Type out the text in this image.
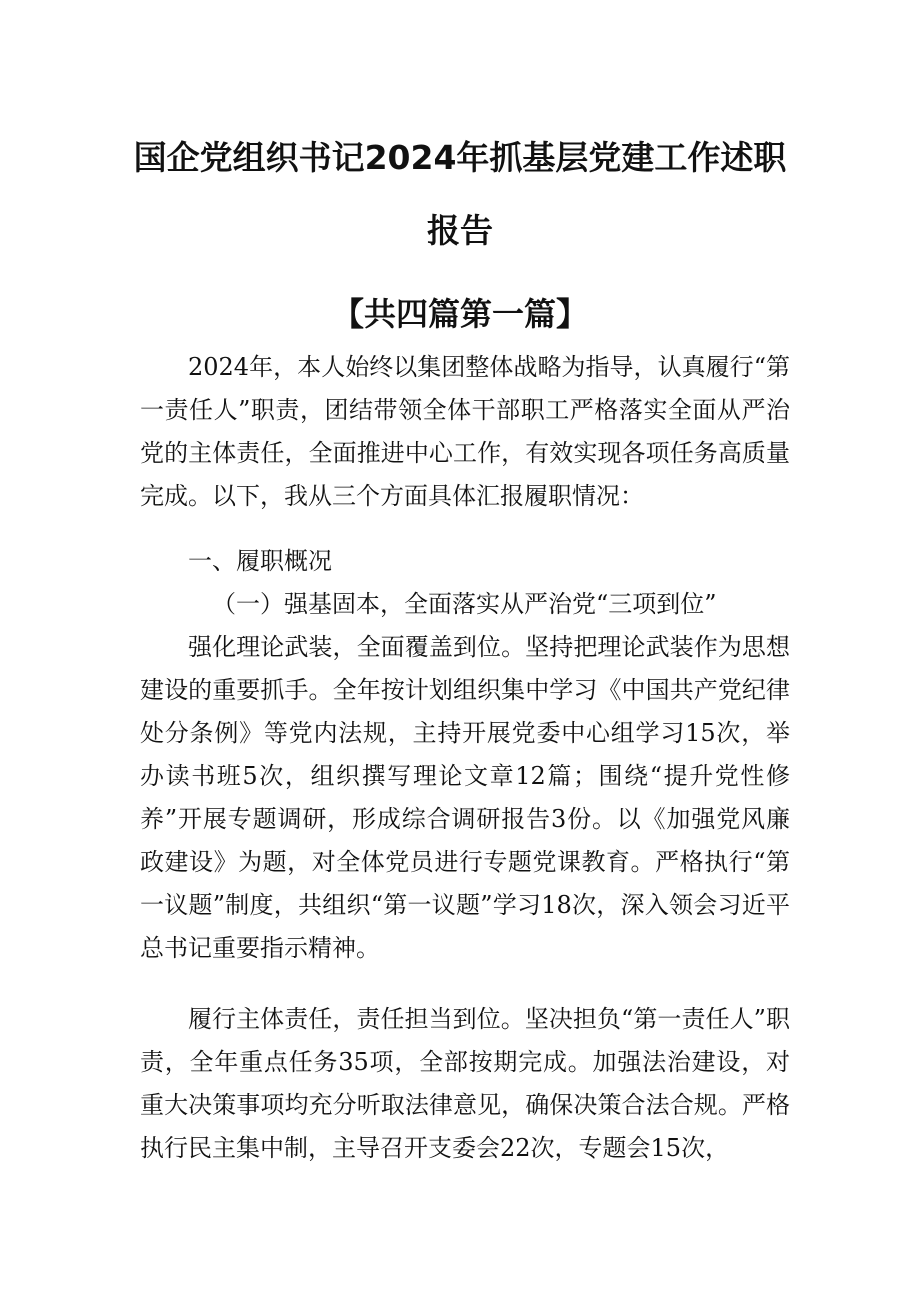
国企党组织书记2024年抓基层党建工作述职
报告
【共四篇第一篇】

2024年，本人始终以集团整体战略为指导，认真履行“第一责任人”职责，团结带领全体干部职工严格落实全面从严治党的主体责任，全面推进中心工作，有效实现各项任务高质量完成。以下，我从三个方面具体汇报履职情况：

一、履职概况

（一）强基固本，全面落实从严治党“三项到位”

强化理论武装，全面覆盖到位。坚持把理论武装作为思想建设的重要抓手。全年按计划组织集中学习《中国共产党纪律处分条例》等党内法规，主持开展党委中心组学习15次，举办读书班5次，组织撰写理论文章12篇；围绕“提升党性修养”开展专题调研，形成综合调研报告3份。以《加强党风廉政建设》为题，对全体党员进行专题党课教育。严格执行“第一议题”制度，共组织“第一议题”学习18次，深入领会习近平总书记重要指示精神。

履行主体责任，责任担当到位。坚决担负“第一责任人”职责，全年重点任务35项，全部按期完成。加强法治建设，对重大决策事项均充分听取法律意见，确保决策合法合规。严格执行民主集中制，主导召开支委会22次，专题会15次，
